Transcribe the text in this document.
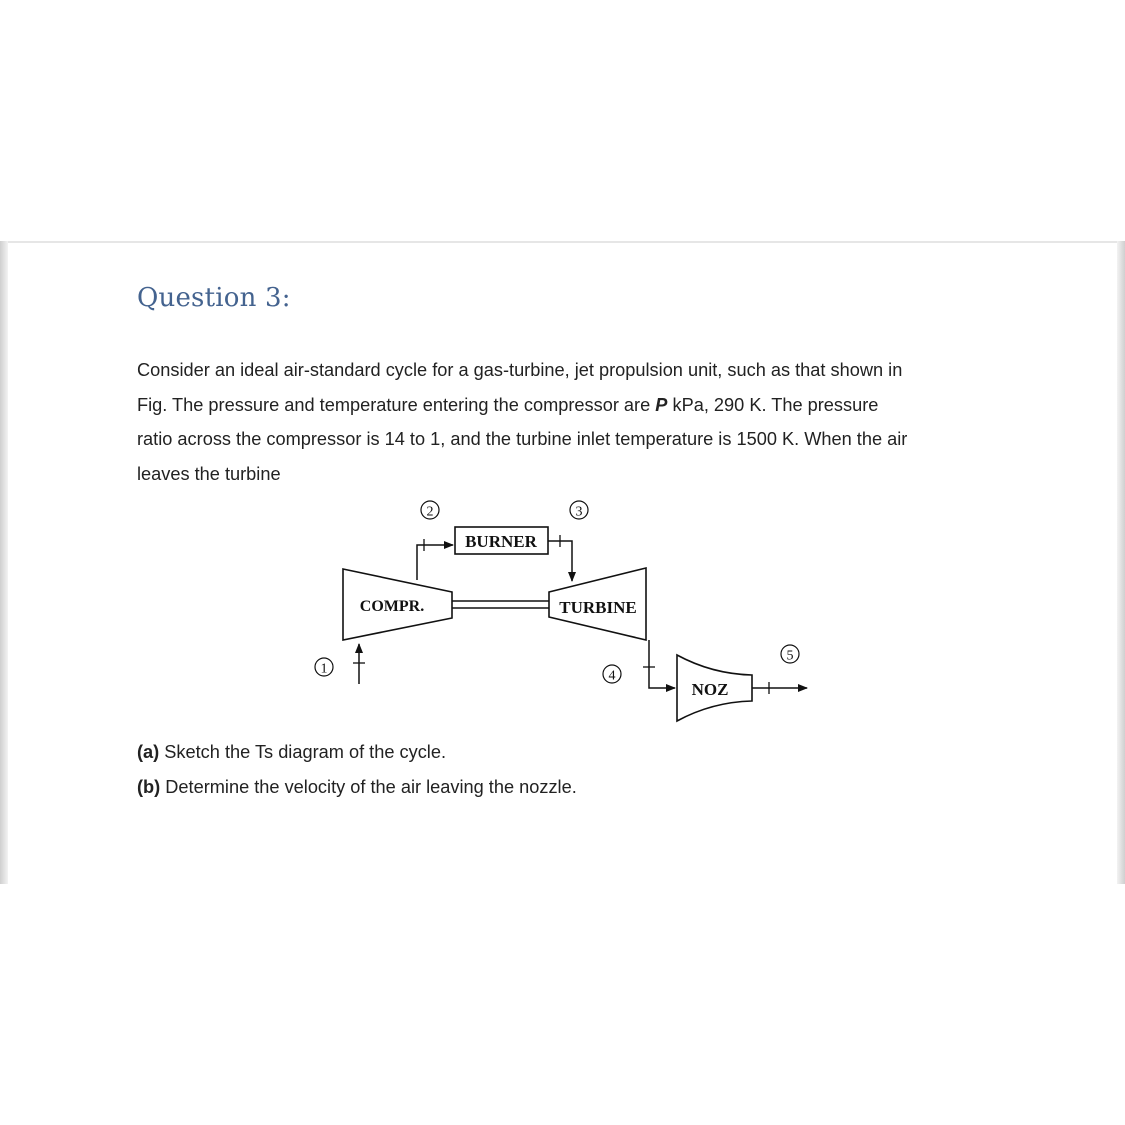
Question 3:

Consider an ideal air-standard cycle for a gas-turbine, jet propulsion unit, such as that shown in
Fig. The pressure and temperature entering the compressor are P kPa, 290 K. The pressure
ratio across the compressor is 14 to 1, and the turbine inlet temperature is 1500 K. When the air
leaves the turbine

COMPR.	TURBINE
BURNER
NOZ
1
2	3
4
5
(a) Sketch the Ts diagram of the cycle.
(b) Determine the velocity of the air leaving the nozzle.
